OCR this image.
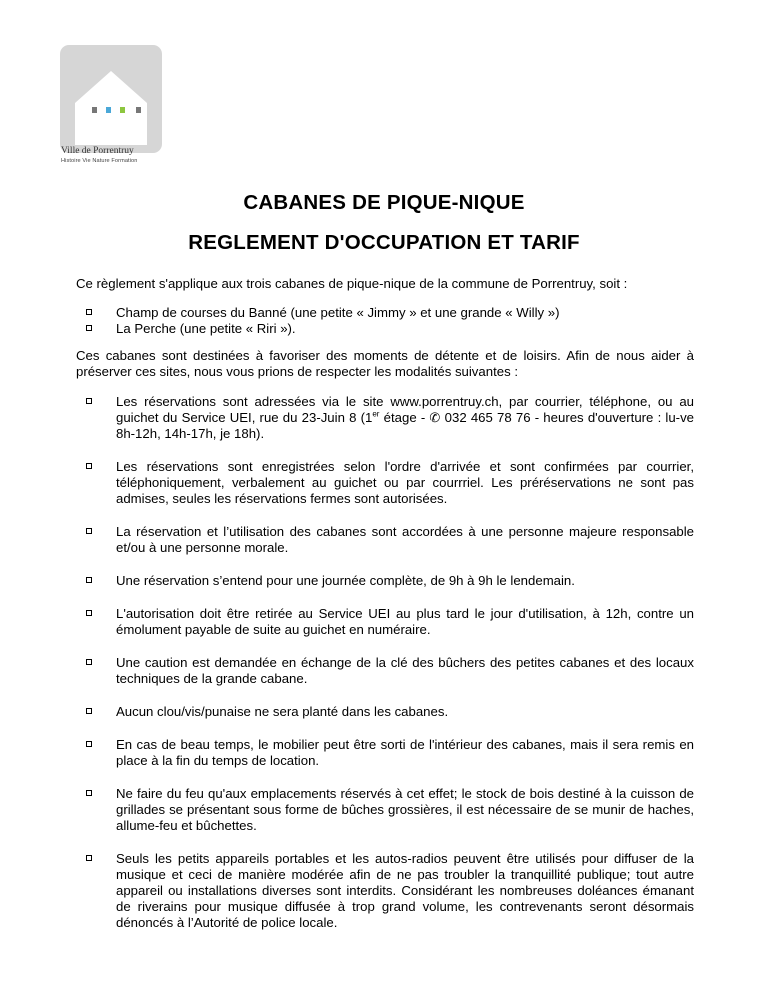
Ville de Porrentruy
Histoire Vie Nature Formation
CABANES DE PIQUE-NIQUE
REGLEMENT D'OCCUPATION ET TARIF

Ce règlement s'applique aux trois cabanes de pique-nique de la commune de Porrentruy, soit :

Champ de courses du Banné (une petite « Jimmy » et une grande « Willy »)
La Perche (une petite « Riri »).

Ces cabanes sont destinées à favoriser des moments de détente et de loisirs. Afin de nous aider à préserver ces sites, nous vous prions de respecter les modalités suivantes :

Les réservations sont adressées via le site www.porrentruy.ch, par courrier, téléphone, ou au guichet du Service UEI, rue du 23-Juin 8 (1er étage - ✆ 032 465 78 76 - heures d'ouverture : lu-ve 8h-12h, 14h-17h, je 18h).
Les réservations sont enregistrées selon l'ordre d'arrivée et sont confirmées par courrier, téléphoniquement, verbalement au guichet ou par courrriel. Les préréservations ne sont pas admises, seules les réservations fermes sont autorisées.
La réservation et l’utilisation des cabanes sont accordées à une personne majeure responsable et/ou à une personne morale.
Une réservation s’entend pour une journée complète, de 9h à 9h le lendemain.
L'autorisation doit être retirée au Service UEI au plus tard le jour d'utilisation, à 12h, contre un émolument payable de suite au guichet en numéraire.
Une caution est demandée en échange de la clé des bûchers des petites cabanes et des locaux techniques de la grande cabane.
Aucun clou/vis/punaise ne sera planté dans les cabanes.
En cas de beau temps, le mobilier peut être sorti de l'intérieur des cabanes, mais il sera remis en place à la fin du temps de location.
Ne faire du feu qu'aux emplacements réservés à cet effet; le stock de bois destiné à la cuisson de grillades se présentant sous forme de bûches grossières, il est nécessaire de se munir de haches, allume-feu et bûchettes.
Seuls les petits appareils portables et les autos-radios peuvent être utilisés pour diffuser de la musique et ceci de manière modérée afin de ne pas troubler la tranquillité publique; tout autre appareil ou installations diverses sont interdits. Considérant les nombreuses doléances émanant de riverains pour musique diffusée à trop grand volume, les contrevenants seront désormais dénoncés à l’Autorité de police locale.
